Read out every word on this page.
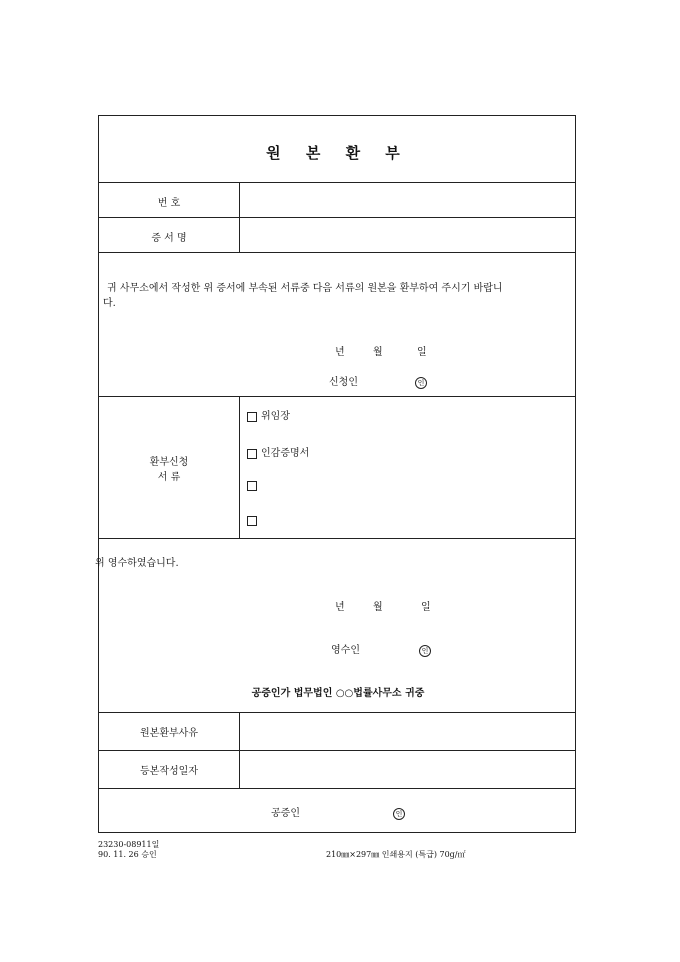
원 본 환 부
번 호
증 서 명
귀 사무소에서 작성한 위 증서에 부속된 서류중 다음 서류의 원본을 환부하여 주시기 바랍니
다.
년	월	일
신청인	인
환부신청
서 류
위임장
인감증명서
위 영수하였습니다.
년	월	일
영수인	인
공증인가 법무법인 ○○법률사무소 귀중
원본환부사유
등본작성일자
공증인	인
23230-08911일
90. 11. 26 승인	210㎜×297㎜ 인쇄용지 (특급) 70g/㎡
